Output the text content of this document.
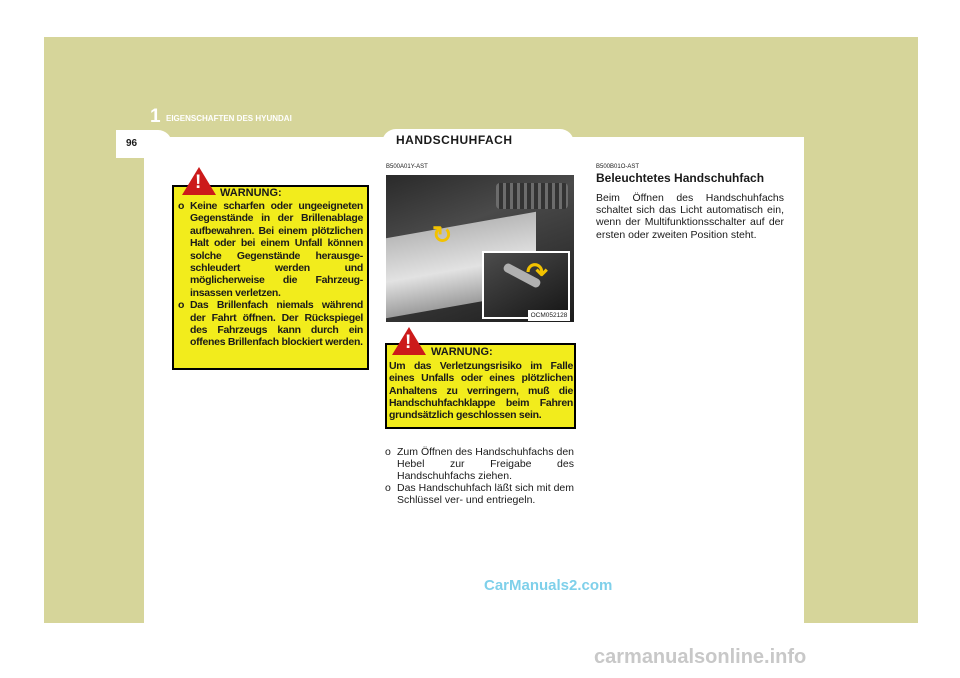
1 EIGENSCHAFTEN DES HYUNDAI
96	HANDSCHUHFACH
! WARNUNG:
o Keine scharfen oder ungeeigneten Gegenstände in der Brillenablage aufbewahren. Bei einem plötzlichen Halt oder bei einem Unfall können solche Gegenstände herausge-schleudert werden und möglicherweise die Fahrzeug-insassen verletzen.
o Das Brillenfach niemals während der Fahrt öffnen. Der Rückspiegel des Fahrzeugs kann durch ein offenes Brillenfach blockiert werden.
B500A01Y-AST
↻
↷
OCM052128
! WARNUNG:
Um das Verletzungsrisiko im Falle eines Unfalls oder eines plötzlichen Anhaltens zu verringern, muß die Handschuhfachklappe beim Fahren grundsätzlich geschlossen sein.
o Zum Öffnen des Handschuhfachs den Hebel zur Freigabe des Handschuhfachs ziehen.
o Das Handschuhfach läßt sich mit dem Schlüssel ver- und entriegeln.
B500B01O-AST
Beleuchtetes Handschuhfach
Beim Öffnen des Handschuhfachs schaltet sich das Licht automatisch ein, wenn der Multifunktionsschalter auf der ersten oder zweiten Position steht.
CarManuals2.com
carmanualsonline.info
